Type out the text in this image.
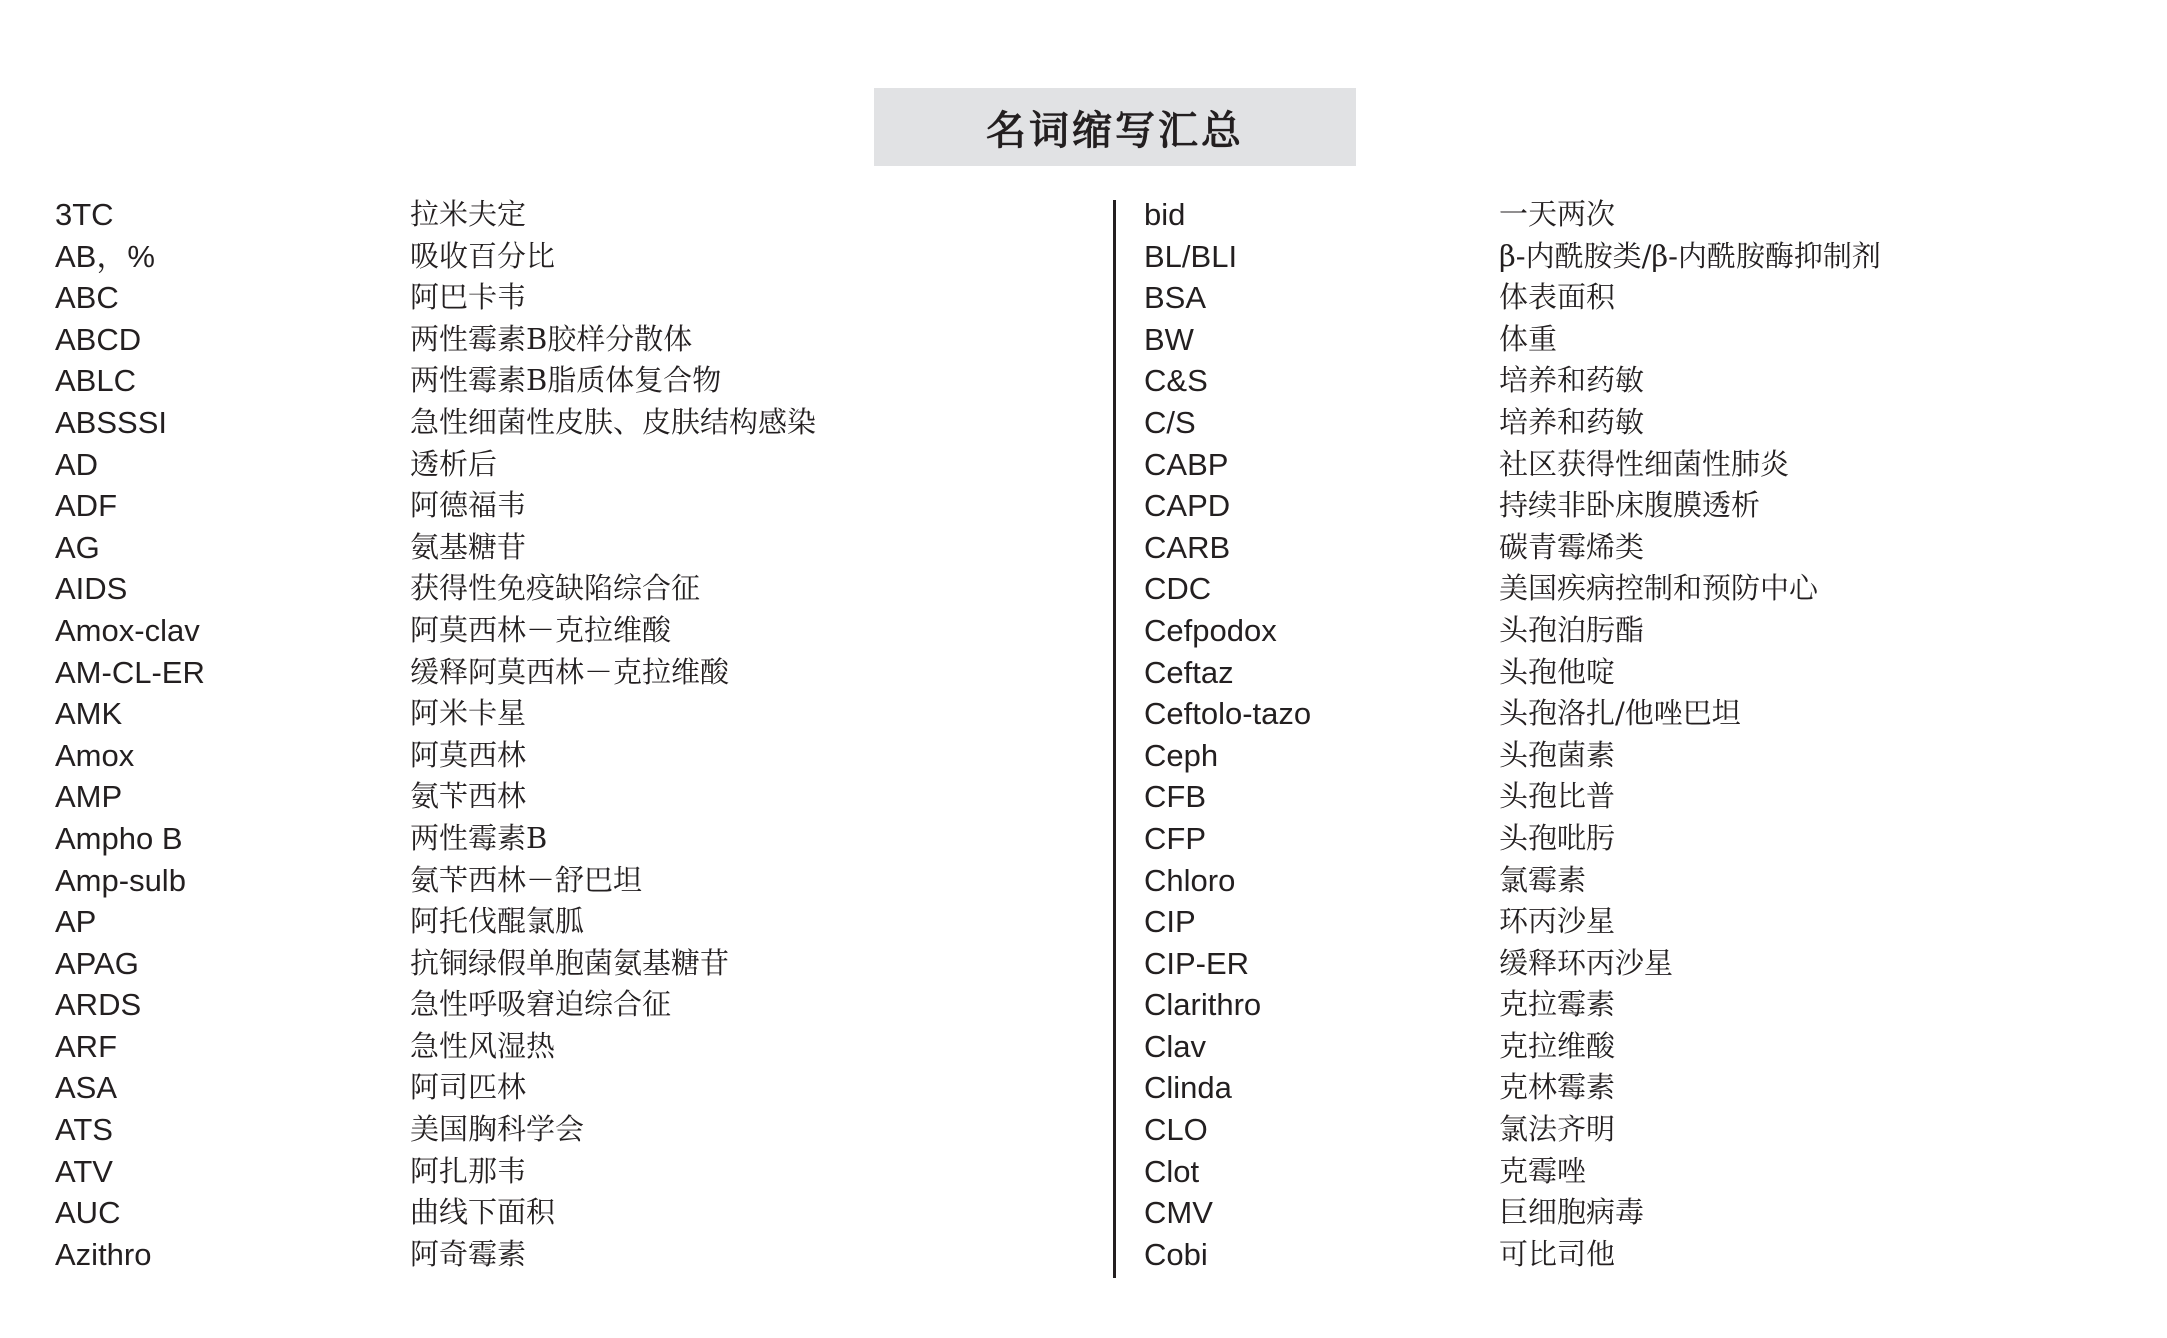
名词缩写汇总
3TC	拉米夫定
AB，%	吸收百分比
ABC	阿巴卡韦
ABCD	两性霉素B胶样分散体
ABLC	两性霉素B脂质体复合物
ABSSSI	急性细菌性皮肤、皮肤结构感染
AD	透析后
ADF	阿德福韦
AG	氨基糖苷
AIDS	获得性免疫缺陷综合征
Amox-clav	阿莫西林－克拉维酸
AM-CL-ER	缓释阿莫西林－克拉维酸
AMK	阿米卡星
Amox	阿莫西林
AMP	氨苄西林
Ampho B	两性霉素B
Amp-sulb	氨苄西林－舒巴坦
AP	阿托伐醌氯胍
APAG	抗铜绿假单胞菌氨基糖苷
ARDS	急性呼吸窘迫综合征
ARF	急性风湿热
ASA	阿司匹林
ATS	美国胸科学会
ATV	阿扎那韦
AUC	曲线下面积
Azithro	阿奇霉素
bid	一天两次
BL/BLI	β-内酰胺类/β-内酰胺酶抑制剂
BSA	体表面积
BW	体重
C&S	培养和药敏
C/S	培养和药敏
CABP	社区获得性细菌性肺炎
CAPD	持续非卧床腹膜透析
CARB	碳青霉烯类
CDC	美国疾病控制和预防中心
Cefpodox	头孢泊肟酯
Ceftaz	头孢他啶
Ceftolo-tazo	头孢洛扎/他唑巴坦
Ceph	头孢菌素
CFB	头孢比普
CFP	头孢吡肟
Chloro	氯霉素
CIP	环丙沙星
CIP-ER	缓释环丙沙星
Clarithro	克拉霉素
Clav	克拉维酸
Clinda	克林霉素
CLO	氯法齐明
Clot	克霉唑
CMV	巨细胞病毒
Cobi	可比司他
